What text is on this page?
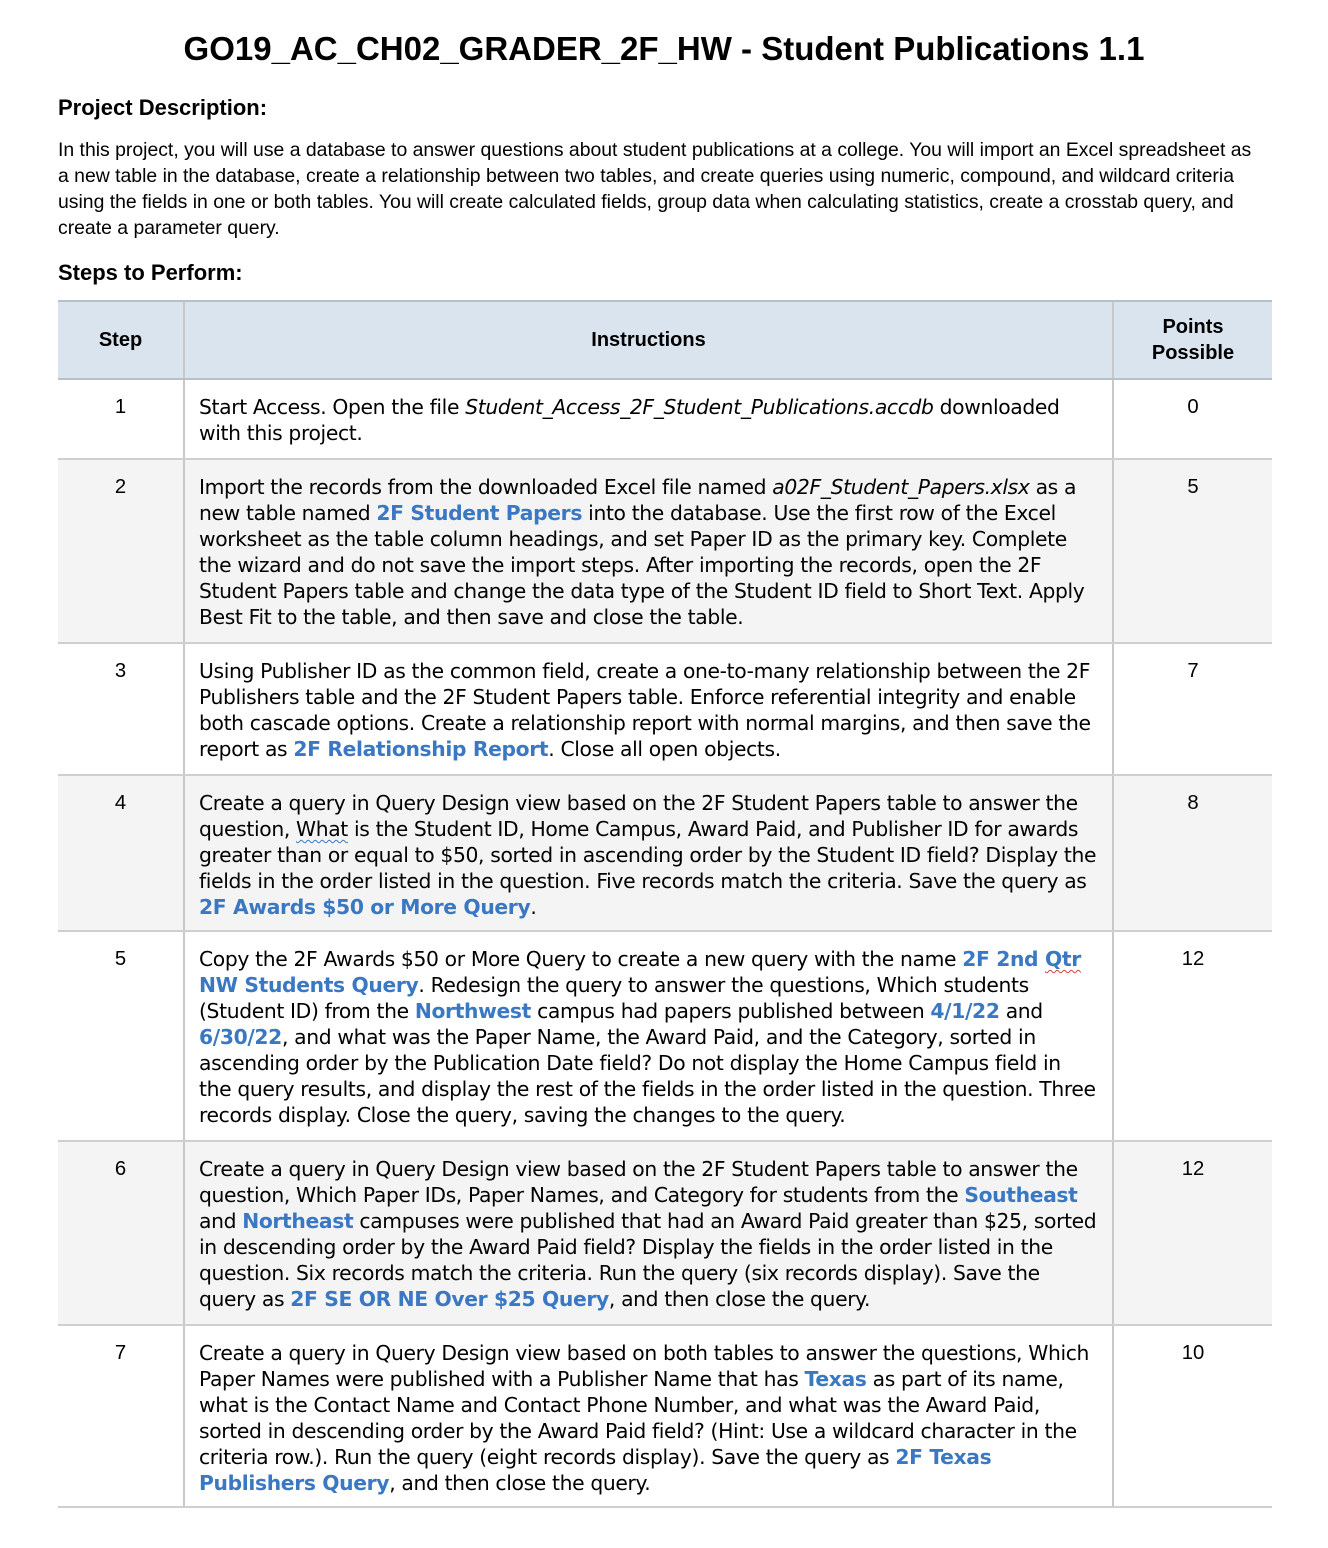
GO19_AC_CH02_GRADER_2F_HW - Student Publications 1.1
Project Description:

In this project, you will use a database to answer questions about student publications at a college. You will import an Excel spreadsheet as a new table in the database, create a relationship between two tables, and create queries using numeric, compound, and wildcard criteria using the fields in one or both tables. You will create calculated fields, group data when calculating statistics, create a crosstab query, and create a parameter query.

Steps to Perform:
Step	Instructions	Points Possible
1	Start Access. Open the file Student_Access_2F_Student_Publications.accdb downloaded with this project.	0
2	Import the records from the downloaded Excel file named a02F_Student_Papers.xlsx as a new table named 2F Student Papers into the database. Use the first row of the Excel worksheet as the table column headings, and set Paper ID as the primary key. Complete the wizard and do not save the import steps. After importing the records, open the 2F Student Papers table and change the data type of the Student ID field to Short Text. Apply Best Fit to the table, and then save and close the table.	5
3	Using Publisher ID as the common field, create a one-to-many relationship between the 2F Publishers table and the 2F Student Papers table. Enforce referential integrity and enable both cascade options. Create a relationship report with normal margins, and then save the report as 2F Relationship Report. Close all open objects.	7
4	Create a query in Query Design view based on the 2F Student Papers table to answer the question, What is the Student ID, Home Campus, Award Paid, and Publisher ID for awards greater than or equal to $50, sorted in ascending order by the Student ID field? Display the fields in the order listed in the question. Five records match the criteria. Save the query as 2F Awards $50 or More Query.	8
5	Copy the 2F Awards $50 or More Query to create a new query with the name 2F 2nd Qtr NW Students Query. Redesign the query to answer the questions, Which students (Student ID) from the Northwest campus had papers published between 4/1/22 and 6/30/22, and what was the Paper Name, the Award Paid, and the Category, sorted in ascending order by the Publication Date field? Do not display the Home Campus field in the query results, and display the rest of the fields in the order listed in the question. Three records display. Close the query, saving the changes to the query.	12
6	Create a query in Query Design view based on the 2F Student Papers table to answer the question, Which Paper IDs, Paper Names, and Category for students from the Southeast and Northeast campuses were published that had an Award Paid greater than $25, sorted in descending order by the Award Paid field? Display the fields in the order listed in the question. Six records match the criteria. Run the query (six records display). Save the query as 2F SE OR NE Over $25 Query, and then close the query.	12
7	Create a query in Query Design view based on both tables to answer the questions, Which Paper Names were published with a Publisher Name that has Texas as part of its name, what is the Contact Name and Contact Phone Number, and what was the Award Paid, sorted in descending order by the Award Paid field? (Hint: Use a wildcard character in the criteria row.). Run the query (eight records display). Save the query as 2F Texas Publishers Query, and then close the query.	10
